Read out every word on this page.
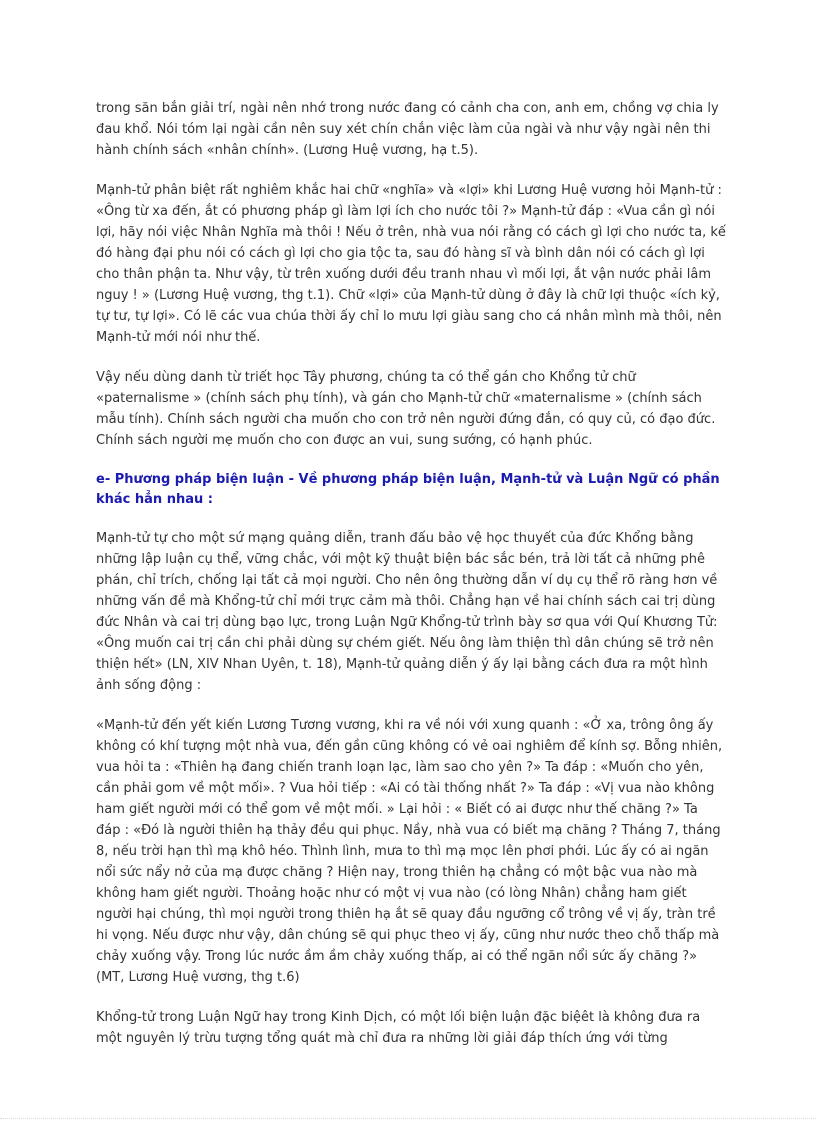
trong săn bắn giải trí, ngài nên nhớ trong nước đang có cảnh cha con, anh em, chồng vợ chia ly đau khổ. Nói tóm lại ngài cần nên suy xét chín chắn việc làm của ngài và như vậy ngài nên thi hành chính sách «nhân chính». (Lương Huệ vương, hạ t.5).

Mạnh-tử phân biệt rất nghiêm khắc hai chữ «nghĩa» và «lợi» khi Lương Huệ vương hỏi Mạnh-tử : «Ông từ xa đến, ắt có phương pháp gì làm lợi ích cho nước tôi ?» Mạnh-tử đáp : «Vua cần gì nói lợi, hãy nói việc Nhân Nghĩa mà thôi ! Nếu ở trên, nhà vua nói rằng có cách gì lợi cho nước ta, kế đó hàng đại phu nói có cách gì lợi cho gia tộc ta, sau đó hàng sĩ và bình dân nói có cách gì lợi cho thân phận ta. Như vậy, từ trên xuống dưới đều tranh nhau vì mối lợi, ắt vận nước phải lâm nguy ! » (Lương Huệ vương, thg t.1). Chữ «lợi» của Mạnh-tử dùng ở đây là chữ lợi thuộc «ích kỷ, tự tư, tự lợi». Có lẽ các vua chúa thời ấy chỉ lo mưu lợi giàu sang cho cá nhân mình mà thôi, nên Mạnh-tử mới nói như thế.

Vậy nếu dùng danh từ triết học Tây phương, chúng ta có thể gán cho Khổng tử chữ «paternalisme » (chính sách phụ tính), và gán cho Mạnh-tử chữ «maternalisme » (chính sách mẫu tính). Chính sách người cha muốn cho con trở nên người đứng đắn, có quy củ, có đạo đức. Chính sách người mẹ muốn cho con được an vui, sung sướng, có hạnh phúc.

e- Phương pháp biện luận - Về phương pháp biện luận, Mạnh-tử và Luận Ngữ có phần khác hẳn nhau :

Mạnh-tử tự cho một sứ mạng quảng diễn, tranh đấu bảo vệ học thuyết của đức Khổng bằng những lập luận cụ thể, vững chắc, với một kỹ thuật biện bác sắc bén, trả lời tất cả những phê phán, chỉ trích, chống lại tất cả mọi người. Cho nên ông thường dẫn ví dụ cụ thể rõ ràng hơn về những vấn đề mà Khổng-tử chỉ mới trực cảm mà thôi. Chẳng hạn về hai chính sách cai trị dùng đức Nhân và cai trị dùng bạo lực, trong Luận Ngữ Khổng-tử trình bày sơ qua với Quí Khương Tử: «Ông muốn cai trị cần chi phải dùng sự chém giết. Nếu ông làm thiện thì dân chúng sẽ trở nên thiện hết» (LN, XIV Nhan Uyên, t. 18), Mạnh-tử quảng diễn ý ấy lại bằng cách đưa ra một hình ảnh sống động :

«Mạnh-tử đến yết kiến Lương Tương vương, khi ra về nói với xung quanh : «Ở xa, trông ông ấy không có khí tượng một nhà vua, đến gần cũng không có vẻ oai nghiêm để kính sợ. Bỗng nhiên, vua hỏi ta : «Thiên hạ đang chiến tranh loạn lạc, làm sao cho yên ?» Ta đáp : «Muốn cho yên, cần phải gom về một mối». ? Vua hỏi tiếp : «Ai có tài thống nhất ?» Ta đáp : «Vị vua nào không ham giết người mới có thể gom về một mối. » Lại hỏi : « Biết có ai được như thế chăng ?» Ta đáp : «Đó là người thiên hạ thảy đều qui phục. Nầy, nhà vua có biết mạ chăng ? Tháng 7, tháng 8, nếu trời hạn thì mạ khô héo. Thình lình, mưa to thì mạ mọc lên phơi phới. Lúc ấy có ai ngăn nổi sức nẩy nở của mạ được chăng ? Hiện nay, trong thiên hạ chẳng có một bậc vua nào mà không ham giết người. Thoảng hoặc như có một vị vua nào (có lòng Nhân) chẳng ham giết người hại chúng, thì mọi người trong thiên hạ ắt sẽ quay đầu ngưỡng cổ trông về vị ấy, tràn trề hi vọng. Nếu được như vậy, dân chúng sẽ qui phục theo vị ấy, cũng như nước theo chỗ thấp mà chảy xuống vậy. Trong lúc nước ầm ầm chảy xuống thấp, ai có thể ngăn nổi sức ấy chăng ?» (MT, Lương Huệ vương, thg t.6)

Khổng-tử trong Luận Ngữ hay trong Kinh Dịch, có một lối biện luận đặc biệêt là không đưa ra một nguyên lý trừu tượng tổng quát mà chỉ đưa ra những lời giải đáp thích ứng với từng
